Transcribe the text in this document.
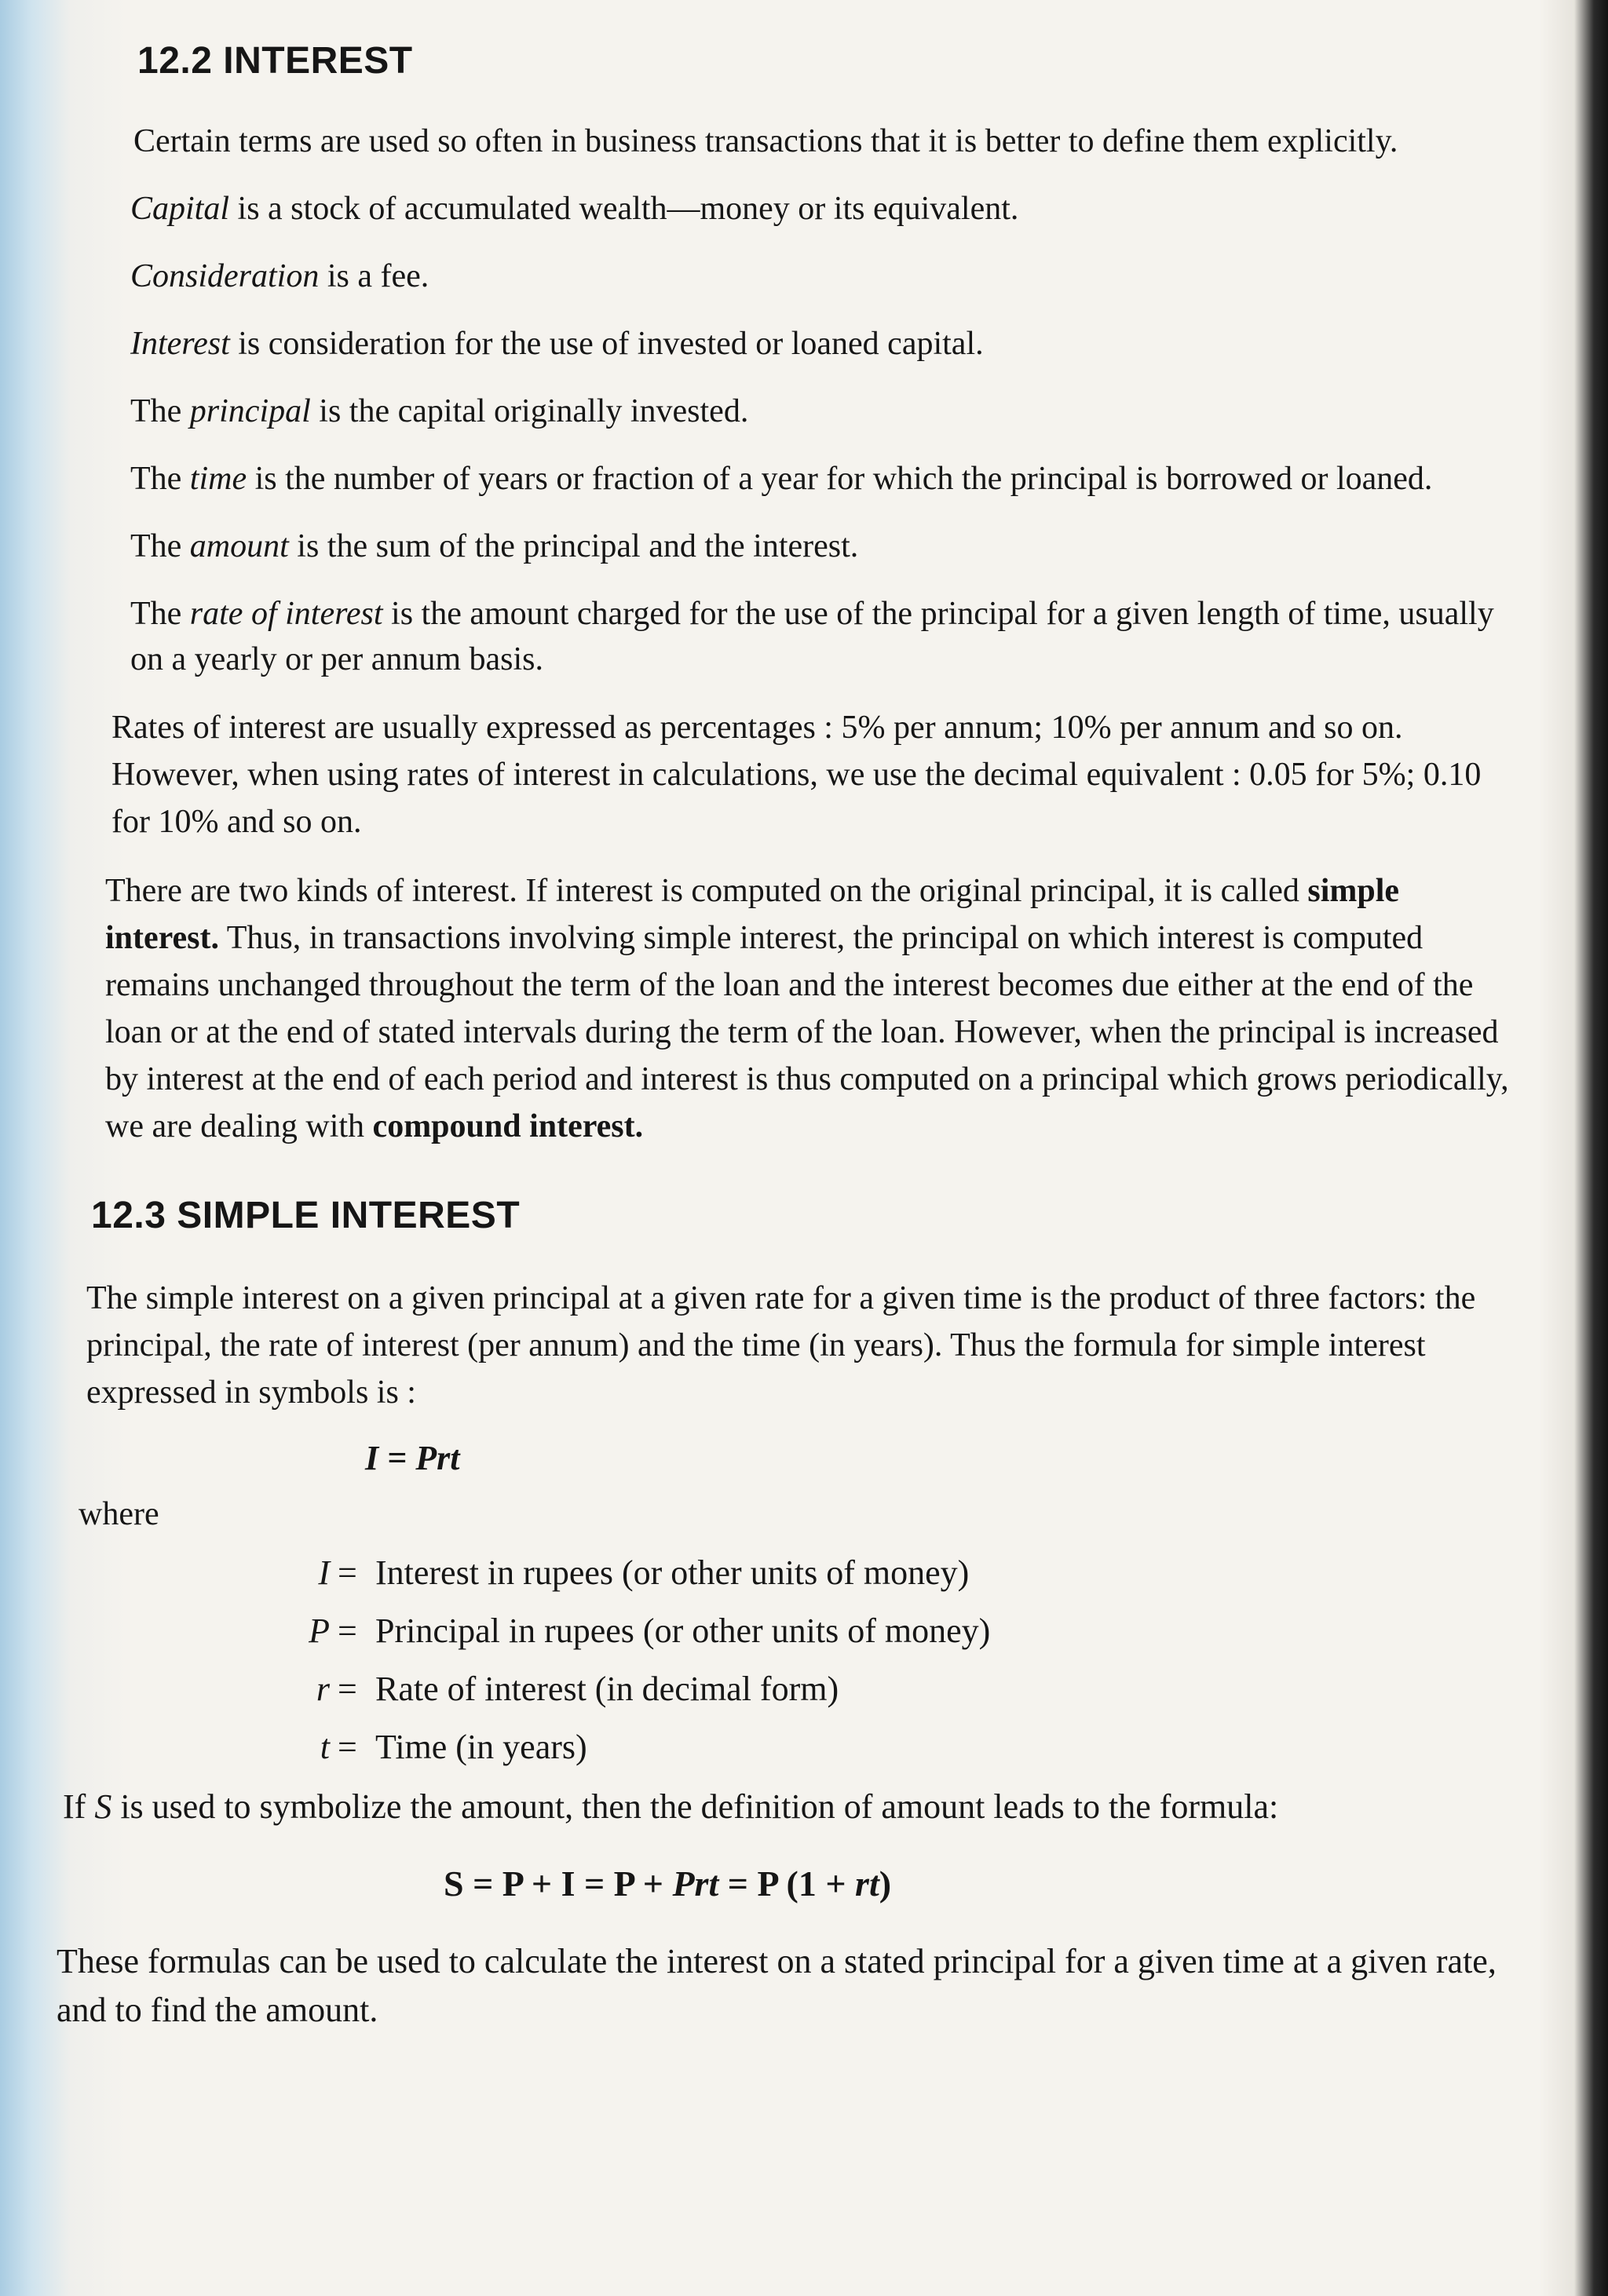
12.2 INTEREST

Certain terms are used so often in business transactions that it is better to define them explicitly.

Capital is a stock of accumulated wealth—money or its equivalent.

Consideration is a fee.

Interest is consideration for the use of invested or loaned capital.

The principal is the capital originally invested.

The time is the number of years or fraction of a year for which the principal is borrowed or loaned.

The amount is the sum of the principal and the interest.

The rate of interest is the amount charged for the use of the principal for a given length of time, usually on a yearly or per annum basis.

Rates of interest are usually expressed as percentages : 5% per annum; 10% per annum and so on. However, when using rates of interest in calculations, we use the decimal equivalent : 0.05 for 5%; 0.10 for 10% and so on.

There are two kinds of interest. If interest is computed on the original principal, it is called simple interest. Thus, in transactions involving simple interest, the principal on which interest is computed remains unchanged throughout the term of the loan and the interest becomes due either at the end of the loan or at the end of stated intervals during the term of the loan. However, when the principal is increased by interest at the end of each period and interest is thus computed on a principal which grows periodically, we are dealing with compound interest.

12.3 SIMPLE INTEREST

The simple interest on a given principal at a given rate for a given time is the product of three factors: the principal, the rate of interest (per annum) and the time (in years). Thus the formula for simple interest expressed in symbols is :

I = Prt
where
I = Interest in rupees (or other units of money)
P = Principal in rupees (or other units of money)
r = Rate of interest (in decimal form)
t = Time (in years)

If S is used to symbolize the amount, then the definition of amount leads to the formula:

S = P + I = P + Prt = P (1 + rt)

These formulas can be used to calculate the interest on a stated principal for a given time at a given rate, and to find the amount.
